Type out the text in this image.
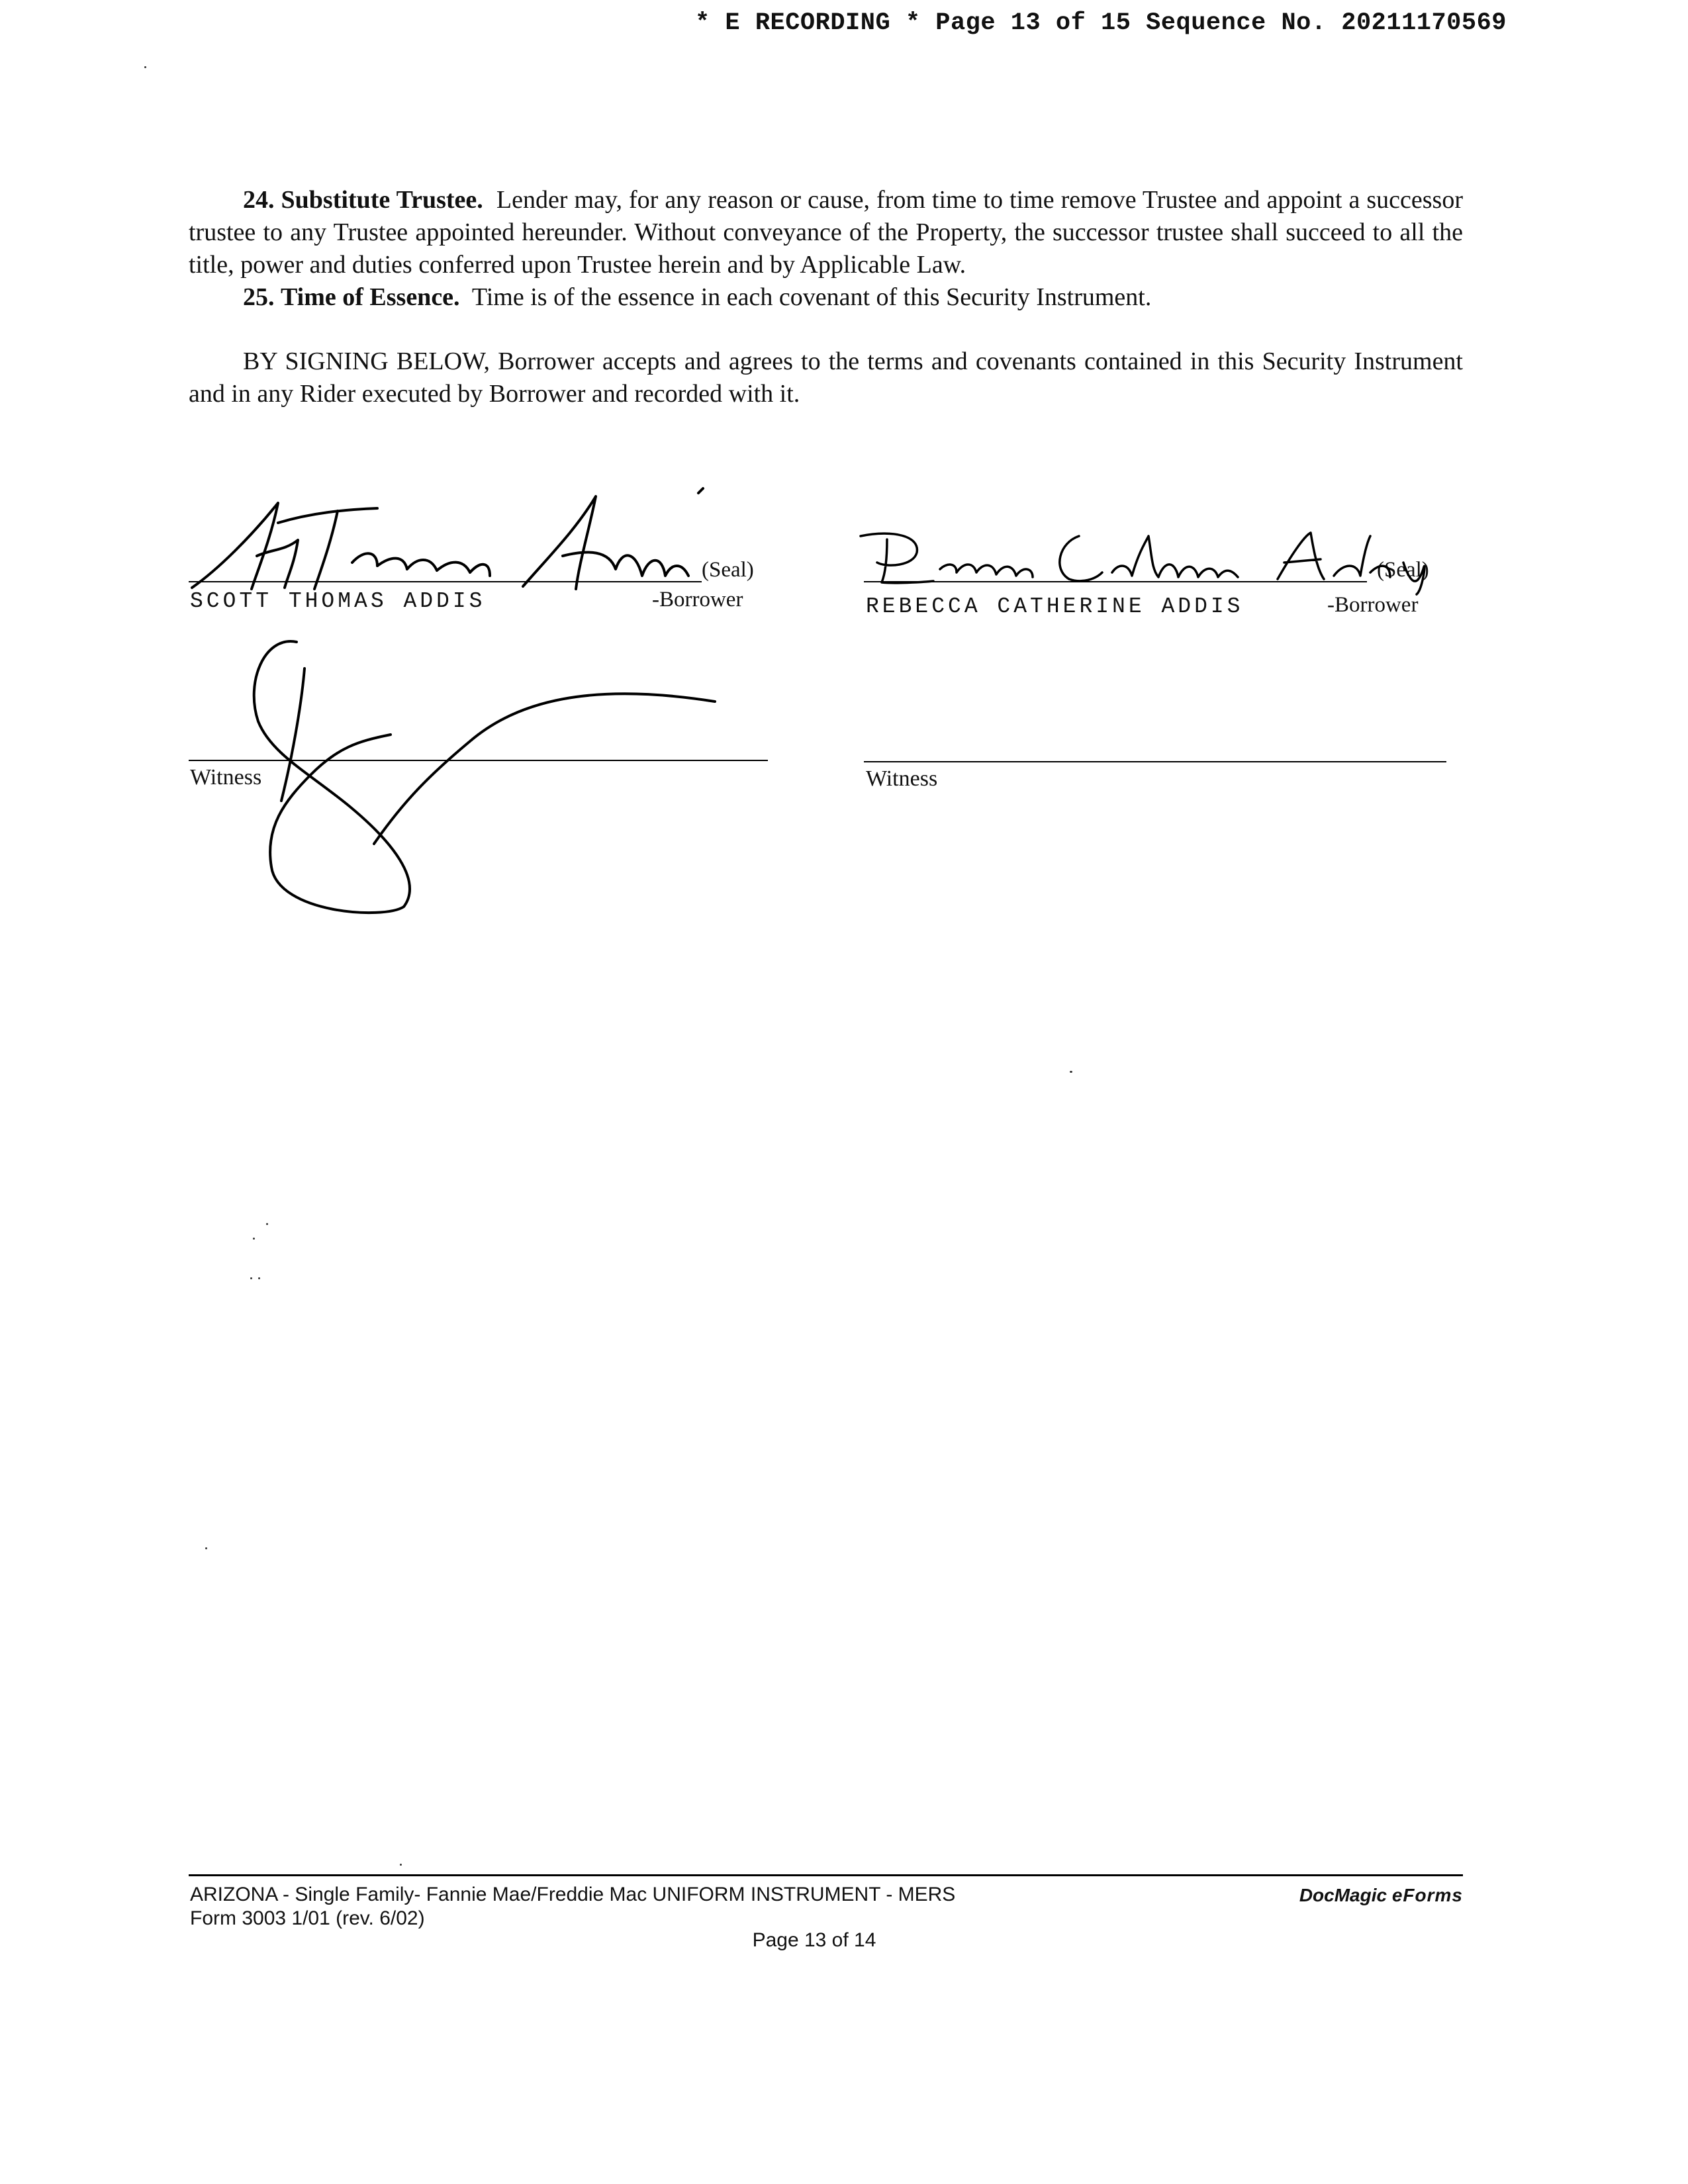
* E RECORDING * Page 13 of 15 Sequence No. 20211170569
24. Substitute Trustee. Lender may, for any reason or cause, from time to time remove Trustee and appoint a successor trustee to any Trustee appointed hereunder. Without conveyance of the Property, the successor trustee shall succeed to all the title, power and duties conferred upon Trustee herein and by Applicable Law.
25. Time of Essence. Time is of the essence in each covenant of this Security Instrument.
BY SIGNING BELOW, Borrower accepts and agrees to the terms and covenants contained in this Security Instrument and in any Rider executed by Borrower and recorded with it.
(Seal)
SCOTT THOMAS ADDIS	-Borrower
Witness
(Seal)
REBECCA CATHERINE ADDIS	-Borrower
Witness
ARIZONA - Single Family- Fannie Mae/Freddie Mac UNIFORM INSTRUMENT - MERS
Form 3003 1/01 (rev. 6/02)
Page 13 of 14
DocMagic eForms
